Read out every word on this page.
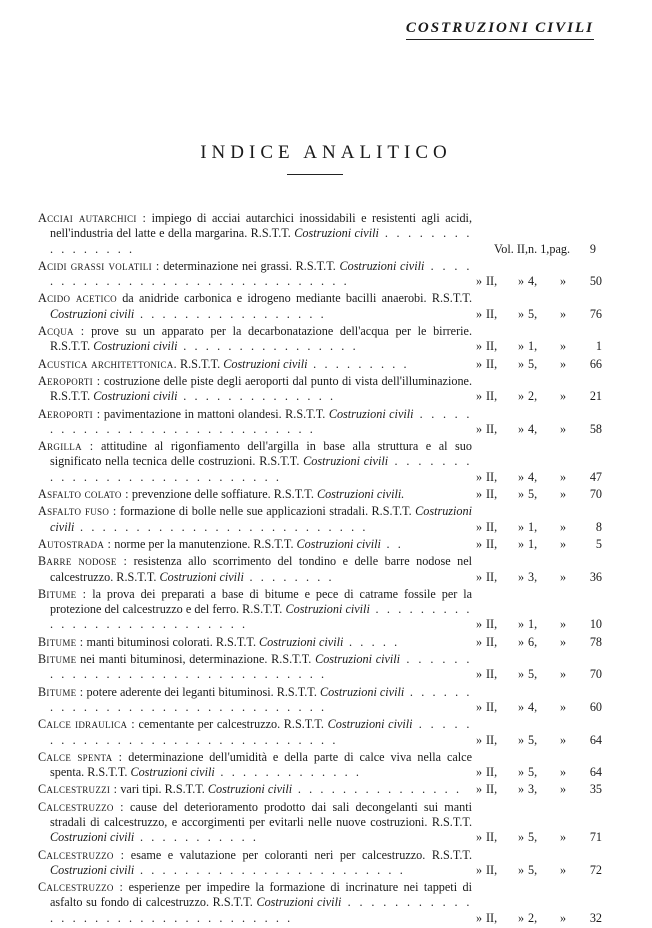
COSTRUZIONI CIVILI
INDICE ANALITICO
Acciai autarchici : impiego di acciai autarchici inossidabili e resistenti agli acidi, nell'industria del latte e della margarina. R.S.T.T. Costruzioni civili . . . . . . . . . . . . . . . .	Vol. II, n. 1, pag.	9
Acidi grassi volatili : determinazione nei grassi. R.S.T.T. Costruzioni civili . . . . . . . . . . . . . . . . . . . . . . . . . . . . . . .	» II,	» 4,	»	50
Acido acetico da anidride carbonica e idrogeno mediante bacilli anaerobi. R.S.T.T. Costruzioni civili . . . . . . . . . . . . . . . . .	» II,	» 5,	»	76
Acqua : prove su un apparato per la decarbonatazione dell'acqua per le birrerie. R.S.T.T. Costruzioni civili . . . . . . . . . . . . . . . .	» II,	» 1,	»	1
Acustica architettonica. R.S.T.T. Costruzioni civili . . . . . . . . .	» II,	» 5,	»	66
Aeroporti : costruzione delle piste degli aeroporti dal punto di vista dell'illuminazione. R.S.T.T. Costruzioni civili . . . . . . . . . . . . . .	» II,	» 2,	»	21
Aeroporti : pavimentazione in mattoni olandesi. R.S.T.T. Costruzioni civili . . . . . . . . . . . . . . . . . . . . . . . . . . . . .	» II,	» 4,	»	58
Argilla : attitudine al rigonfiamento dell'argilla in base alla struttura e al suo significato nella tecnica delle costruzioni. R.S.T.T. Costruzioni civili . . . . . . . . . . . . . . . . . . . . . . . . . . . .	» II,	» 4,	»	47
Asfalto colato : prevenzione delle soffiature. R.S.T.T. Costruzioni civili.	» II,	» 5,	»	70
Asfalto fuso : formazione di bolle nelle sue applicazioni stradali. R.S.T.T. Costruzioni civili . . . . . . . . . . . . . . . . . . . . . . . . . .	» II,	» 1,	»	8
Autostrada : norme per la manutenzione. R.S.T.T. Costruzioni civili . .	» II,	» 1,	»	5
Barre nodose : resistenza allo scorrimento del tondino e delle barre nodose nel calcestruzzo. R.S.T.T. Costruzioni civili . . . . . . . .	» II,	» 3,	»	36
Bitume : la prova dei preparati a base di bitume e pece di catrame fossile per la protezione del calcestruzzo e del ferro. R.S.T.T. Costruzioni civili . . . . . . . . . . . . . . . . . . . . . . . . . . .	» II,	» 1,	»	10
Bitume : manti bituminosi colorati. R.S.T.T. Costruzioni civili . . . . .	» II,	» 6,	»	78
Bitume nei manti bituminosi, determinazione. R.S.T.T. Costruzioni civili . . . . . . . . . . . . . . . . . . . . . . . . . . . . . . .	» II,	» 5,	»	70
Bitume : potere aderente dei leganti bituminosi. R.S.T.T. Costruzioni civili . . . . . . . . . . . . . . . . . . . . . . . . . . . . . . .	» II,	» 4,	»	60
Calce idraulica : cementante per calcestruzzo. R.S.T.T. Costruzioni civili . . . . . . . . . . . . . . . . . . . . . . . . . . . . . . .	» II,	» 5,	»	64
Calce spenta : determinazione dell'umidità e della parte di calce viva nella calce spenta. R.S.T.T. Costruzioni civili . . . . . . . . . . . . .	» II,	» 5,	»	64
Calcestruzzi : vari tipi. R.S.T.T. Costruzioni civili . . . . . . . . . . . . . . .	» II,	» 3,	»	35
Calcestruzzo : cause del deterioramento prodotto dai sali decongelanti sui manti stradali di calcestruzzo, e accorgimenti per evitarli nelle nuove costruzioni. R.S.T.T. Costruzioni civili . . . . . . . . . . .	» II,	» 5,	»	71
Calcestruzzo : esame e valutazione per coloranti neri per calcestruzzo. R.S.T.T. Costruzioni civili . . . . . . . . . . . . . . . . . . . . . . . .	» II,	» 5,	»	72
Calcestruzzo : esperienze per impedire la formazione di incrinature nei tappeti di asfalto su fondo di calcestruzzo. R.S.T.T. Costruzioni civili . . . . . . . . . . . . . . . . . . . . . . . . . . . . . . . . .	» II,	» 2,	»	32
